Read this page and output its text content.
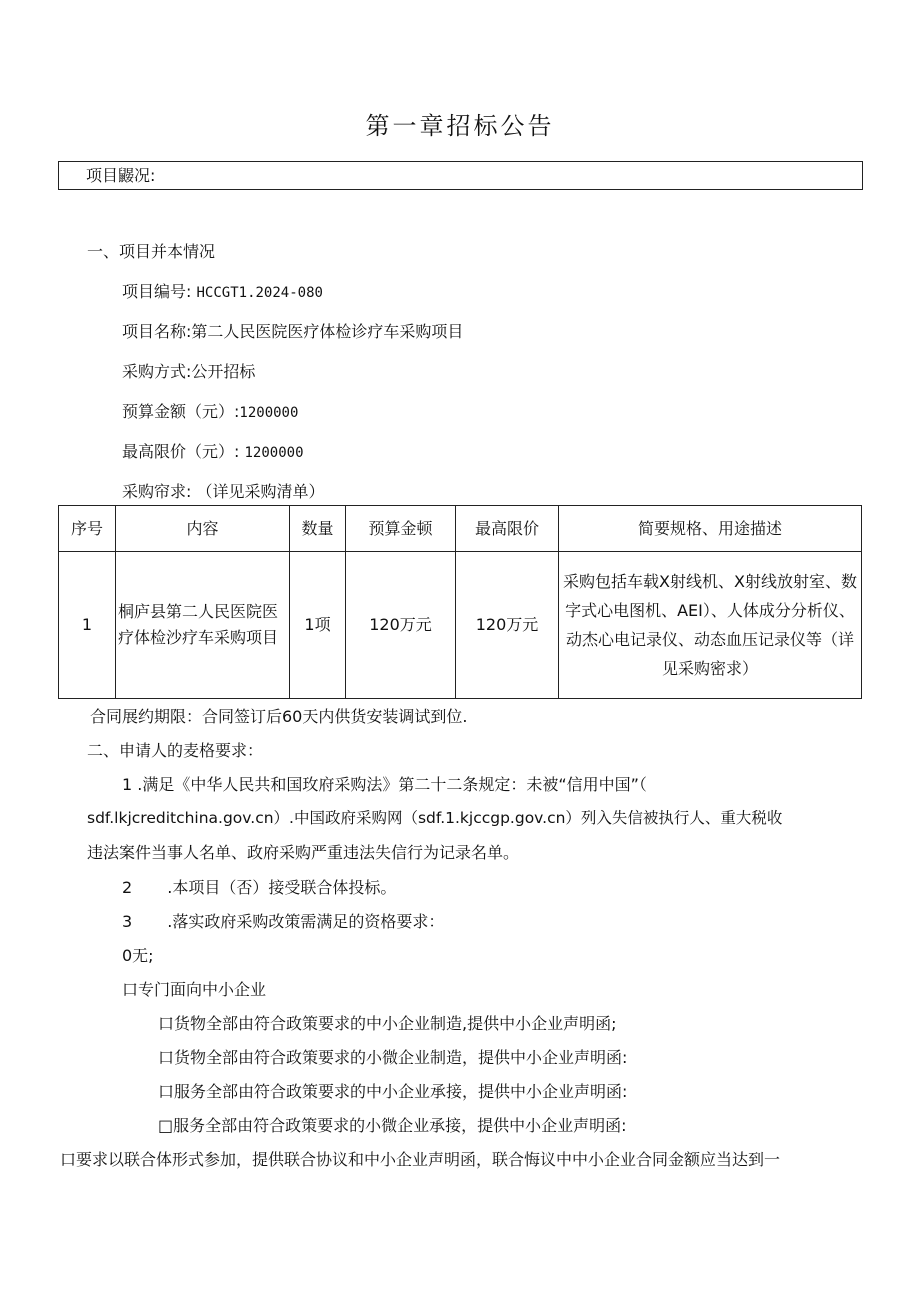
第一章招标公告
项目鼹况:
一、项目并本情况
项目编号: HCCGT1.2024-080
项目名称:第二人民医院医疗体检诊疗车采购项目
采购方式:公开招标
预算金额（元）:1200000
最高限价（元）: 1200000
采购帘求: （详见采购清单）
序号	内容	数量	预算金顿	最高限价	简要规格、用途描述
1	桐庐县第二人民医院医疗体检沙疗车采购项目	1项	120万元	120万元	采购包括车载X射线机、X射线放射室、数字式心电图机、AEI）、人体成分分析仪、动杰心电记录仪、动态血压记录仪等（详见采购密求）
合同展约期限：合同签订后60天内供货安装调试到位.
二、申请人的麦格要求：
1 .满足《中华人民共和国玫府采购法》第二十二条规定：未被“信用中国”（
sdf.lkjcreditchina.gov.cn）.中国政府采购网（sdf.1.kjccgp.gov.cn）列入失信被执行人、重大税收
违法案件当事人名单、政府采购严重违法失信行为记录名单。
2 .本项目（否）接受联合体投标。
3 .落实政府采购改策需满足的资格要求：
0无;
口专门面向中小企业
口货物全部由符合政策要求的中小企业制造,提供中小企业声明函;
口货物全部由符合政策要求的小微企业制造，提供中小企业声明函:
口服务全部由符合政策要求的中小企业承接，提供中小企业声明函:
□服务全部由符合政策要求的小微企业承接，提供中小企业声明函:
口要求以联合体形式参加，提供联合协议和中小企业声明函，联合悔议中中小企业合同金额应当达到一
